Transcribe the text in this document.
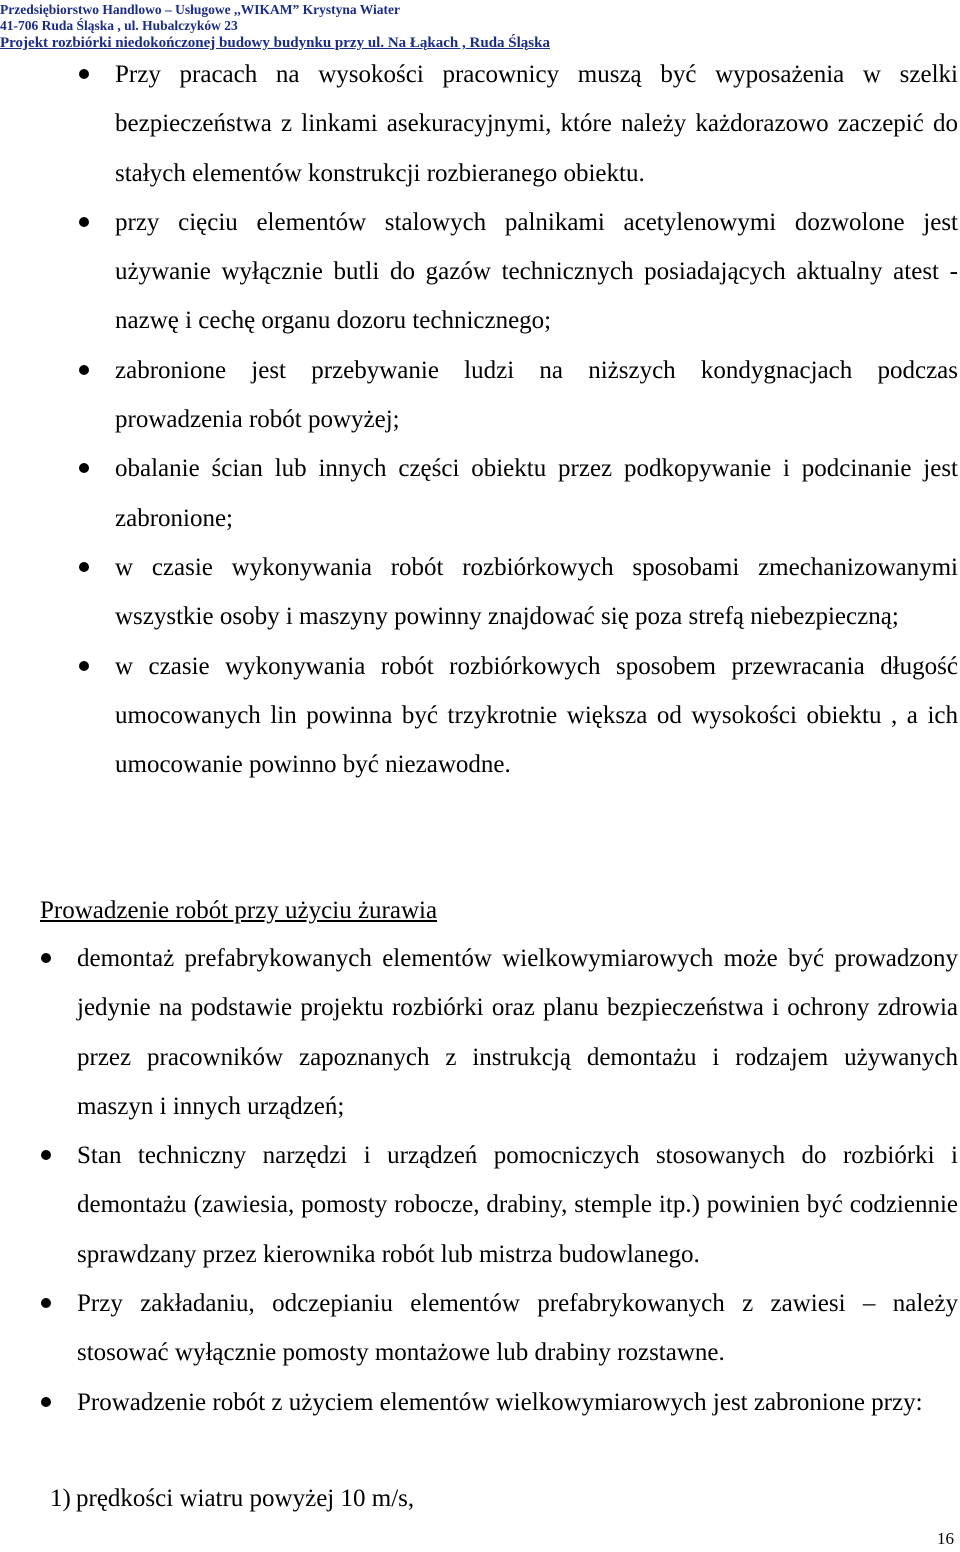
Przedsiębiorstwo Handlowo – Usługowe ,,WIKAM” Krystyna Wiater
41-706 Ruda Śląska , ul. Hubalczyków 23
Projekt rozbiórki niedokończonej budowy budynku przy ul. Na Łąkach , Ruda Śląska
Przy pracach na wysokości pracownicy muszą być wyposażenia w szelki bezpieczeństwa z linkami asekuracyjnymi, które należy każdorazowo zaczepić do stałych elementów konstrukcji rozbieranego obiektu.
przy cięciu elementów stalowych palnikami acetylenowymi dozwolone jest używanie wyłącznie butli do gazów technicznych posiadających aktualny atest - nazwę i cechę organu dozoru technicznego;
zabronione jest przebywanie ludzi na niższych kondygnacjach podczas prowadzenia robót powyżej;
obalanie ścian lub innych części obiektu przez podkopywanie i podcinanie jest zabronione;
w czasie wykonywania robót rozbiórkowych sposobami zmechanizowanymi wszystkie osoby i maszyny powinny znajdować się poza strefą niebezpieczną;
w czasie wykonywania robót rozbiórkowych sposobem przewracania długość umocowanych lin powinna być trzykrotnie większa od wysokości obiektu , a ich umocowanie powinno być niezawodne.
Prowadzenie robót przy użyciu żurawia
demontaż prefabrykowanych elementów wielkowymiarowych może być prowadzony jedynie na podstawie projektu rozbiórki oraz planu bezpieczeństwa i ochrony zdrowia przez pracowników zapoznanych z instrukcją demontażu i rodzajem używanych maszyn i innych urządzeń;
Stan techniczny narzędzi i urządzeń pomocniczych stosowanych do rozbiórki i demontażu (zawiesia, pomosty robocze, drabiny, stemple itp.) powinien być codziennie sprawdzany przez kierownika robót lub mistrza budowlanego.
Przy zakładaniu, odczepianiu elementów prefabrykowanych z zawiesi – należy stosować wyłącznie pomosty montażowe lub drabiny rozstawne.
Prowadzenie robót z użyciem elementów wielkowymiarowych jest zabronione przy:
1) prędkości wiatru powyżej 10 m/s,
16
